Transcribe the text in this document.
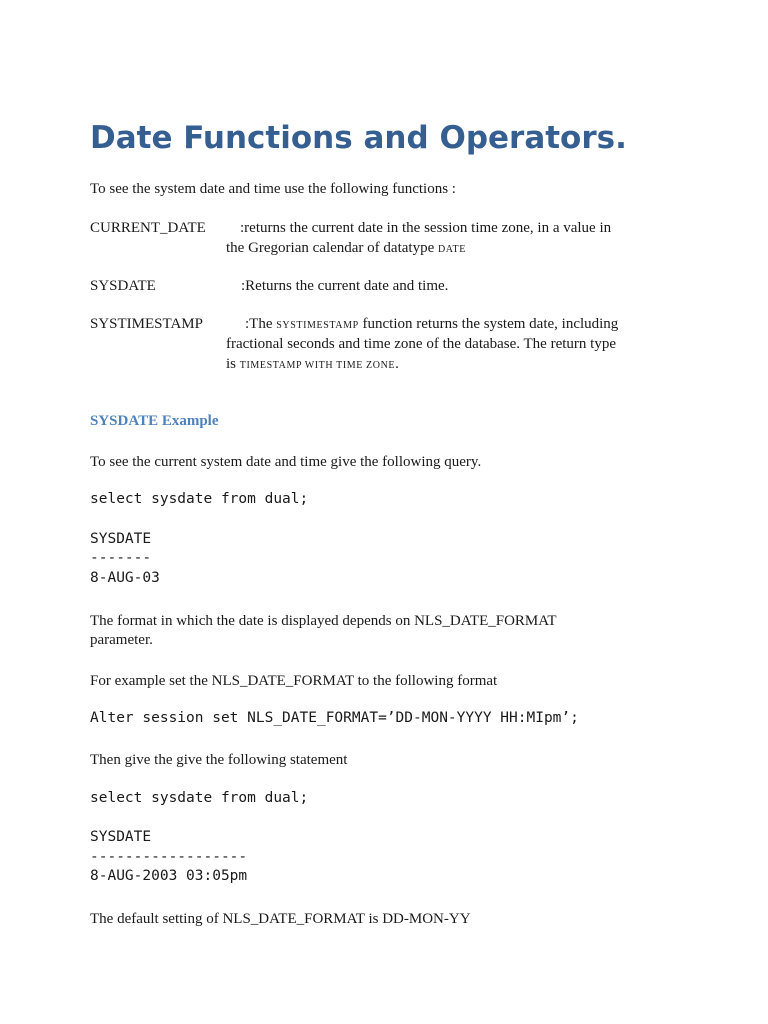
Date Functions and Operators.
To see the system date and time use the following functions :
CURRENT_DATE :returns the current date in the session time zone, in a value in
the Gregorian calendar of datatype DATE
SYSDATE	:Returns the current date and time.
SYSTIMESTAMP	:The SYSTIMESTAMP function returns the system date, including
fractional seconds and time zone of the database. The return type
is TIMESTAMP WITH TIME ZONE.
SYSDATE Example
To see the current system date and time give the following query.
select sysdate from dual;
SYSDATE
-------
8-AUG-03
The format in which the date is displayed depends on NLS_DATE_FORMAT
parameter.
For example set the NLS_DATE_FORMAT to the following format
Alter session set NLS_DATE_FORMAT=’DD-MON-YYYY HH:MIpm’;
Then give the give the following statement
select sysdate from dual;
SYSDATE
------------------
8-AUG-2003 03:05pm
The default setting of NLS_DATE_FORMAT is DD-MON-YY
